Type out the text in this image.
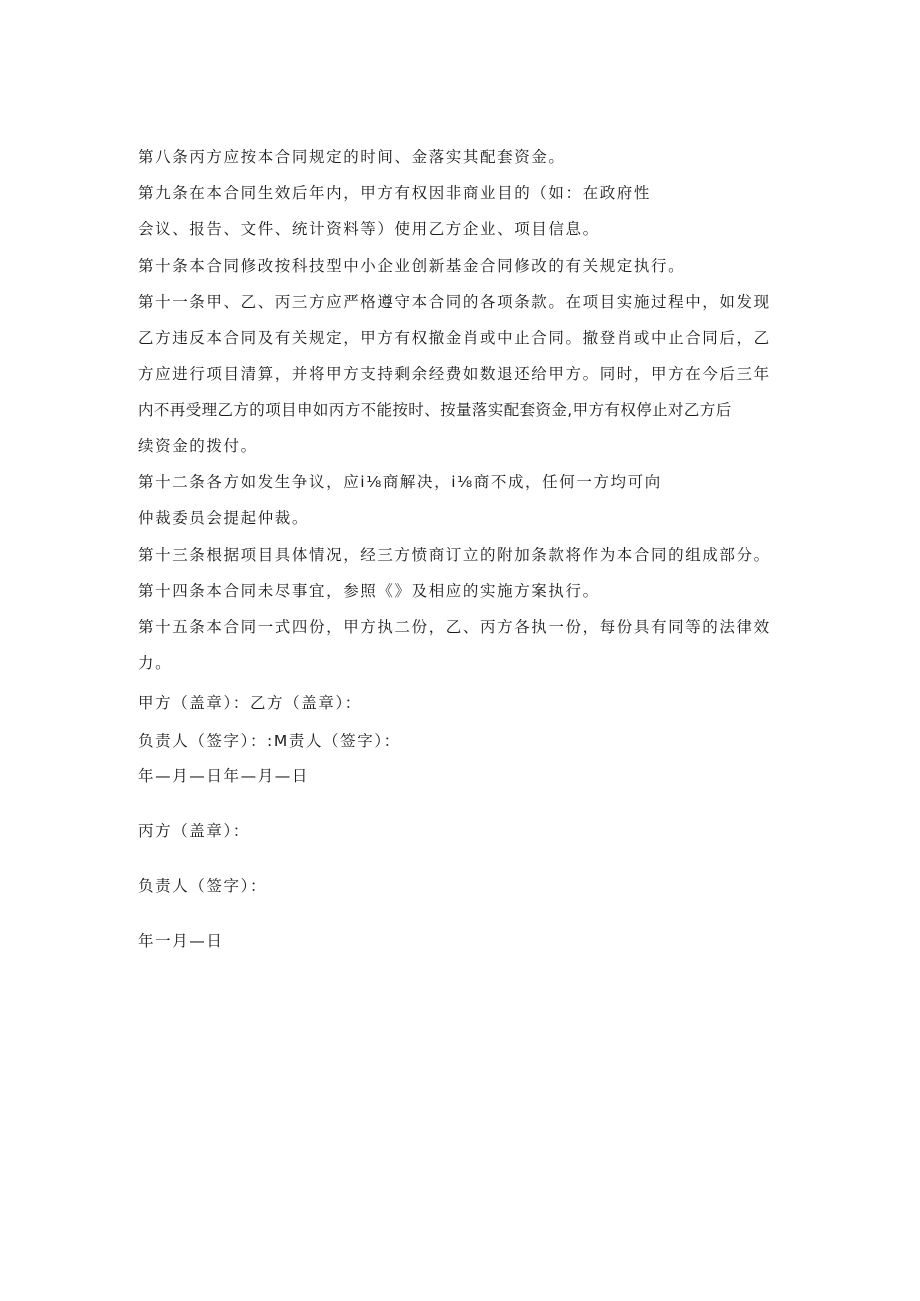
第八条丙方应按本合同规定的时间、金落实其配套资金。
第九条在本合同生效后年内，甲方有权因非商业目的（如：在政府性
会议、报告、文件、统计资料等）使用乙方企业、项目信息。
第十条本合同修改按科技型中小企业创新基金合同修改的有关规定执行。
第十一条甲、乙、丙三方应严格遵守本合同的各项条款。在项目实施过程中，如发现
乙方违反本合同及有关规定，甲方有权撤金肖或中止合同。撤登肖或中止合同后，乙
方应进行项目清算，并将甲方支持剩余经费如数退还给甲方。同时，甲方在今后三年
内不再受理乙方的项目申如丙方不能按时、按量落实配套资金,甲方有权停止对乙方后
续资金的拨付。
第十二条各方如发生争议，应i⅛商解决，i⅛商不成，任何一方均可向
仲裁委员会提起仲裁。
第十三条根据项目具体情况，经三方愤商订立的附加条款将作为本合同的组成部分。
第十四条本合同未尽事宜，参照《》及相应的实施方案执行。
第十五条本合同一式四份，甲方执二份，乙、丙方各执一份，每份具有同等的法律效
力。
甲方（盖章）：乙方（盖章）：
负责人（签字）：:M责人（签字）：
年—月—日年—月—日
丙方（盖章）：
负责人（签字）：
年一月—日
